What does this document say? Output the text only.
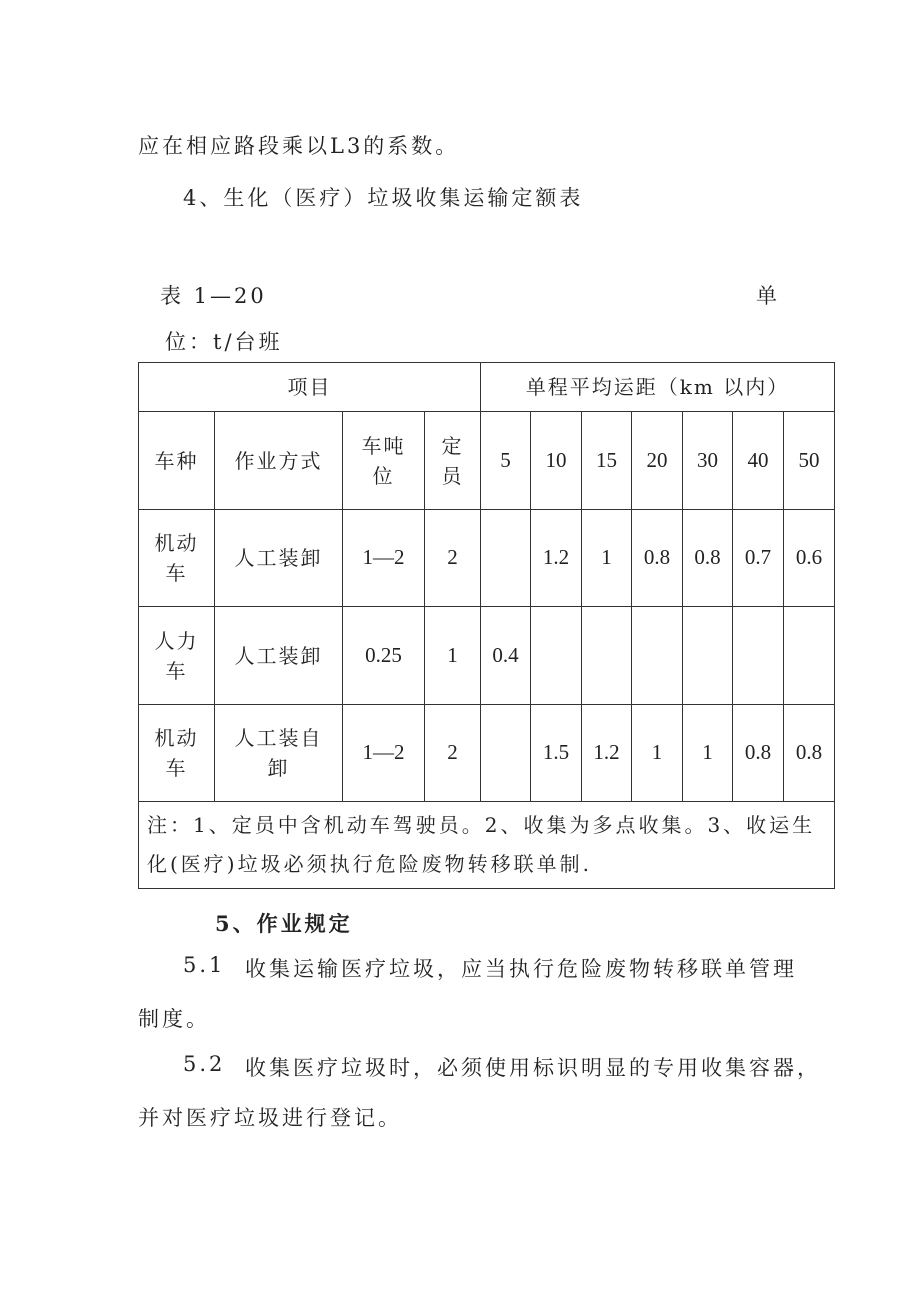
应在相应路段乘以L3的系数。
4、生化（医疗）垃圾收集运输定额表
表 1—20	单
位：t/台班
项目				单程平均运距（km 以内）						
车种	作业方式	车吨位	定员	5	10	15	20	30	40	50
机动车	人工装卸	1—2	2		1.2	1	0.8	0.8	0.7	0.6
人力车	人工装卸	0.25	1	0.4						
机动车	人工装自卸	1—2	2		1.5	1.2	1	1	0.8	0.8
注：1、定员中含机动车驾驶员。2、收集为多点收集。3、收运生化(医疗)垃圾必须执行危险废物转移联单制.										
5、作业规定
5.1 收集运输医疗垃圾，应当执行危险废物转移联单管理
制度。
5.2 收集医疗垃圾时，必须使用标识明显的专用收集容器，
并对医疗垃圾进行登记。
